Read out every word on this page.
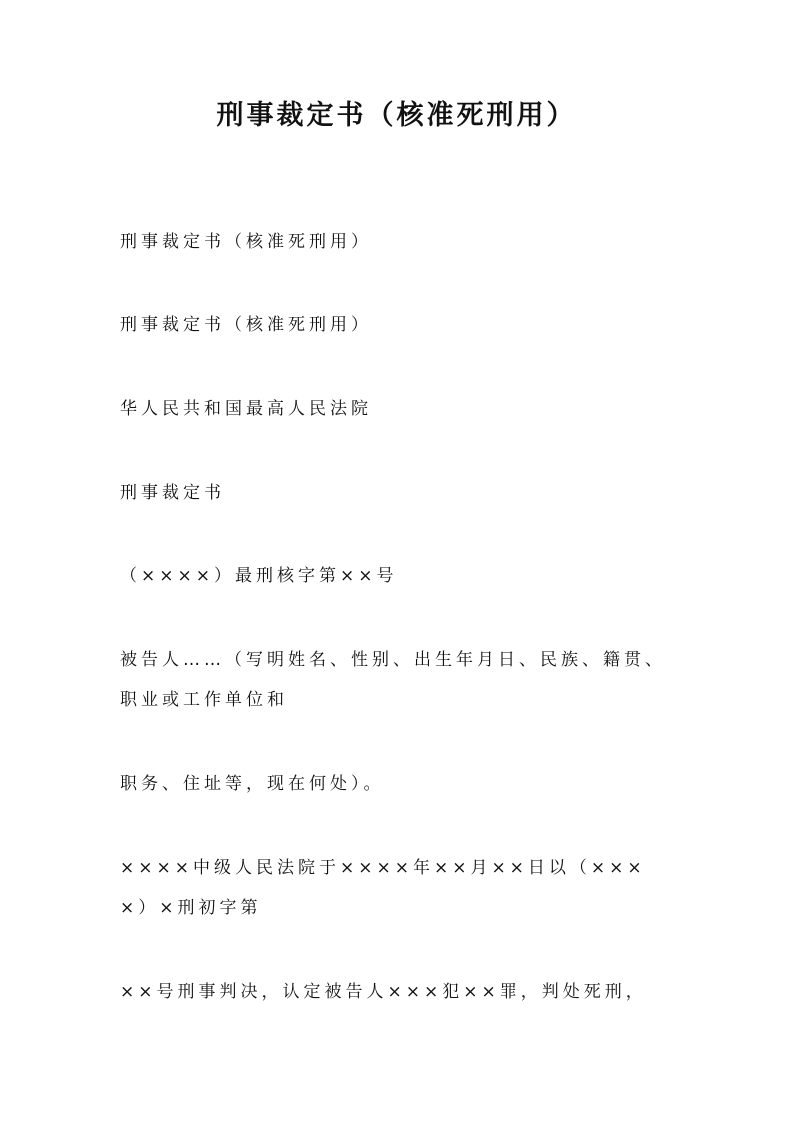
刑事裁定书（核准死刑用）

刑事裁定书（核准死刑用）

刑事裁定书（核准死刑用）

华人民共和国最高人民法院

刑事裁定书

（××××）最刑核字第××号

被告人……（写明姓名、性别、出生年月日、民族、籍贯、

职业或工作单位和

职务、住址等，现在何处）。

××××中级人民法院于××××年××月××日以（×××

×）×刑初字第

××号刑事判决，认定被告人×××犯××罪，判处死刑，
